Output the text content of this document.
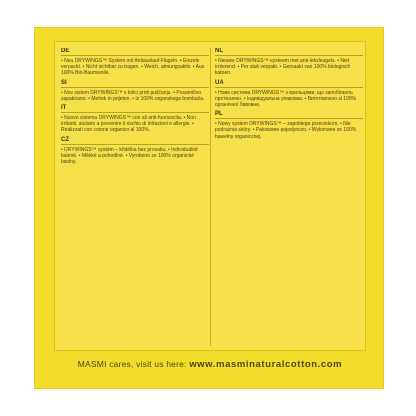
DE

• Neu DRYWINGS™ System mit Antiauslauf-Flügeln. • Einzeln verpackt. • Nicht sichtbar zu tragen. • Weich, atmungsaktiv. • Aus 100% Bio-Baumwolle.

SI

• Nov sistem DRYWINGS™ s krilci proti puščanju. • Posamično zapakirano. • Mehek in prijeten. • Iz 100% organskega bombaža.

IT

• Nuovo sistema DRYWINGS™ con ali anti-fuoriuscita. • Non irritanti, aiutano a prevenire il rischio di irritazioni e allergie. • Realizzati con cotone organico al 100%.

CZ

• DRYWINGS™ systém – křidélka bez prosaku. • Individuálně balené. • Měkké a pohodlné. • Vyrobeno ze 100% organické bavlny.

NL

• Nieuwe DRYWINGS™-systeem met anti-lekvleugels. • Niet irriterend. • Per stuk verpakt. • Gemaakt van 100% biologisch katoen.

UA

• Нова система DRYWINGS™ з крильцями, що запобігають протіканню. • Індивідуальна упаковка. • Виготовлено зі 100% органічної бавовни.

PL

• Nowy system DRYWINGS™ – zapobiega przeciekom. • Nie podrażnia skóry. • Pakowane pojedynczo. • Wykonane ze 100% bawełny organicznej.

MASMI cares, visit us here: www.masminaturalcotton.com
